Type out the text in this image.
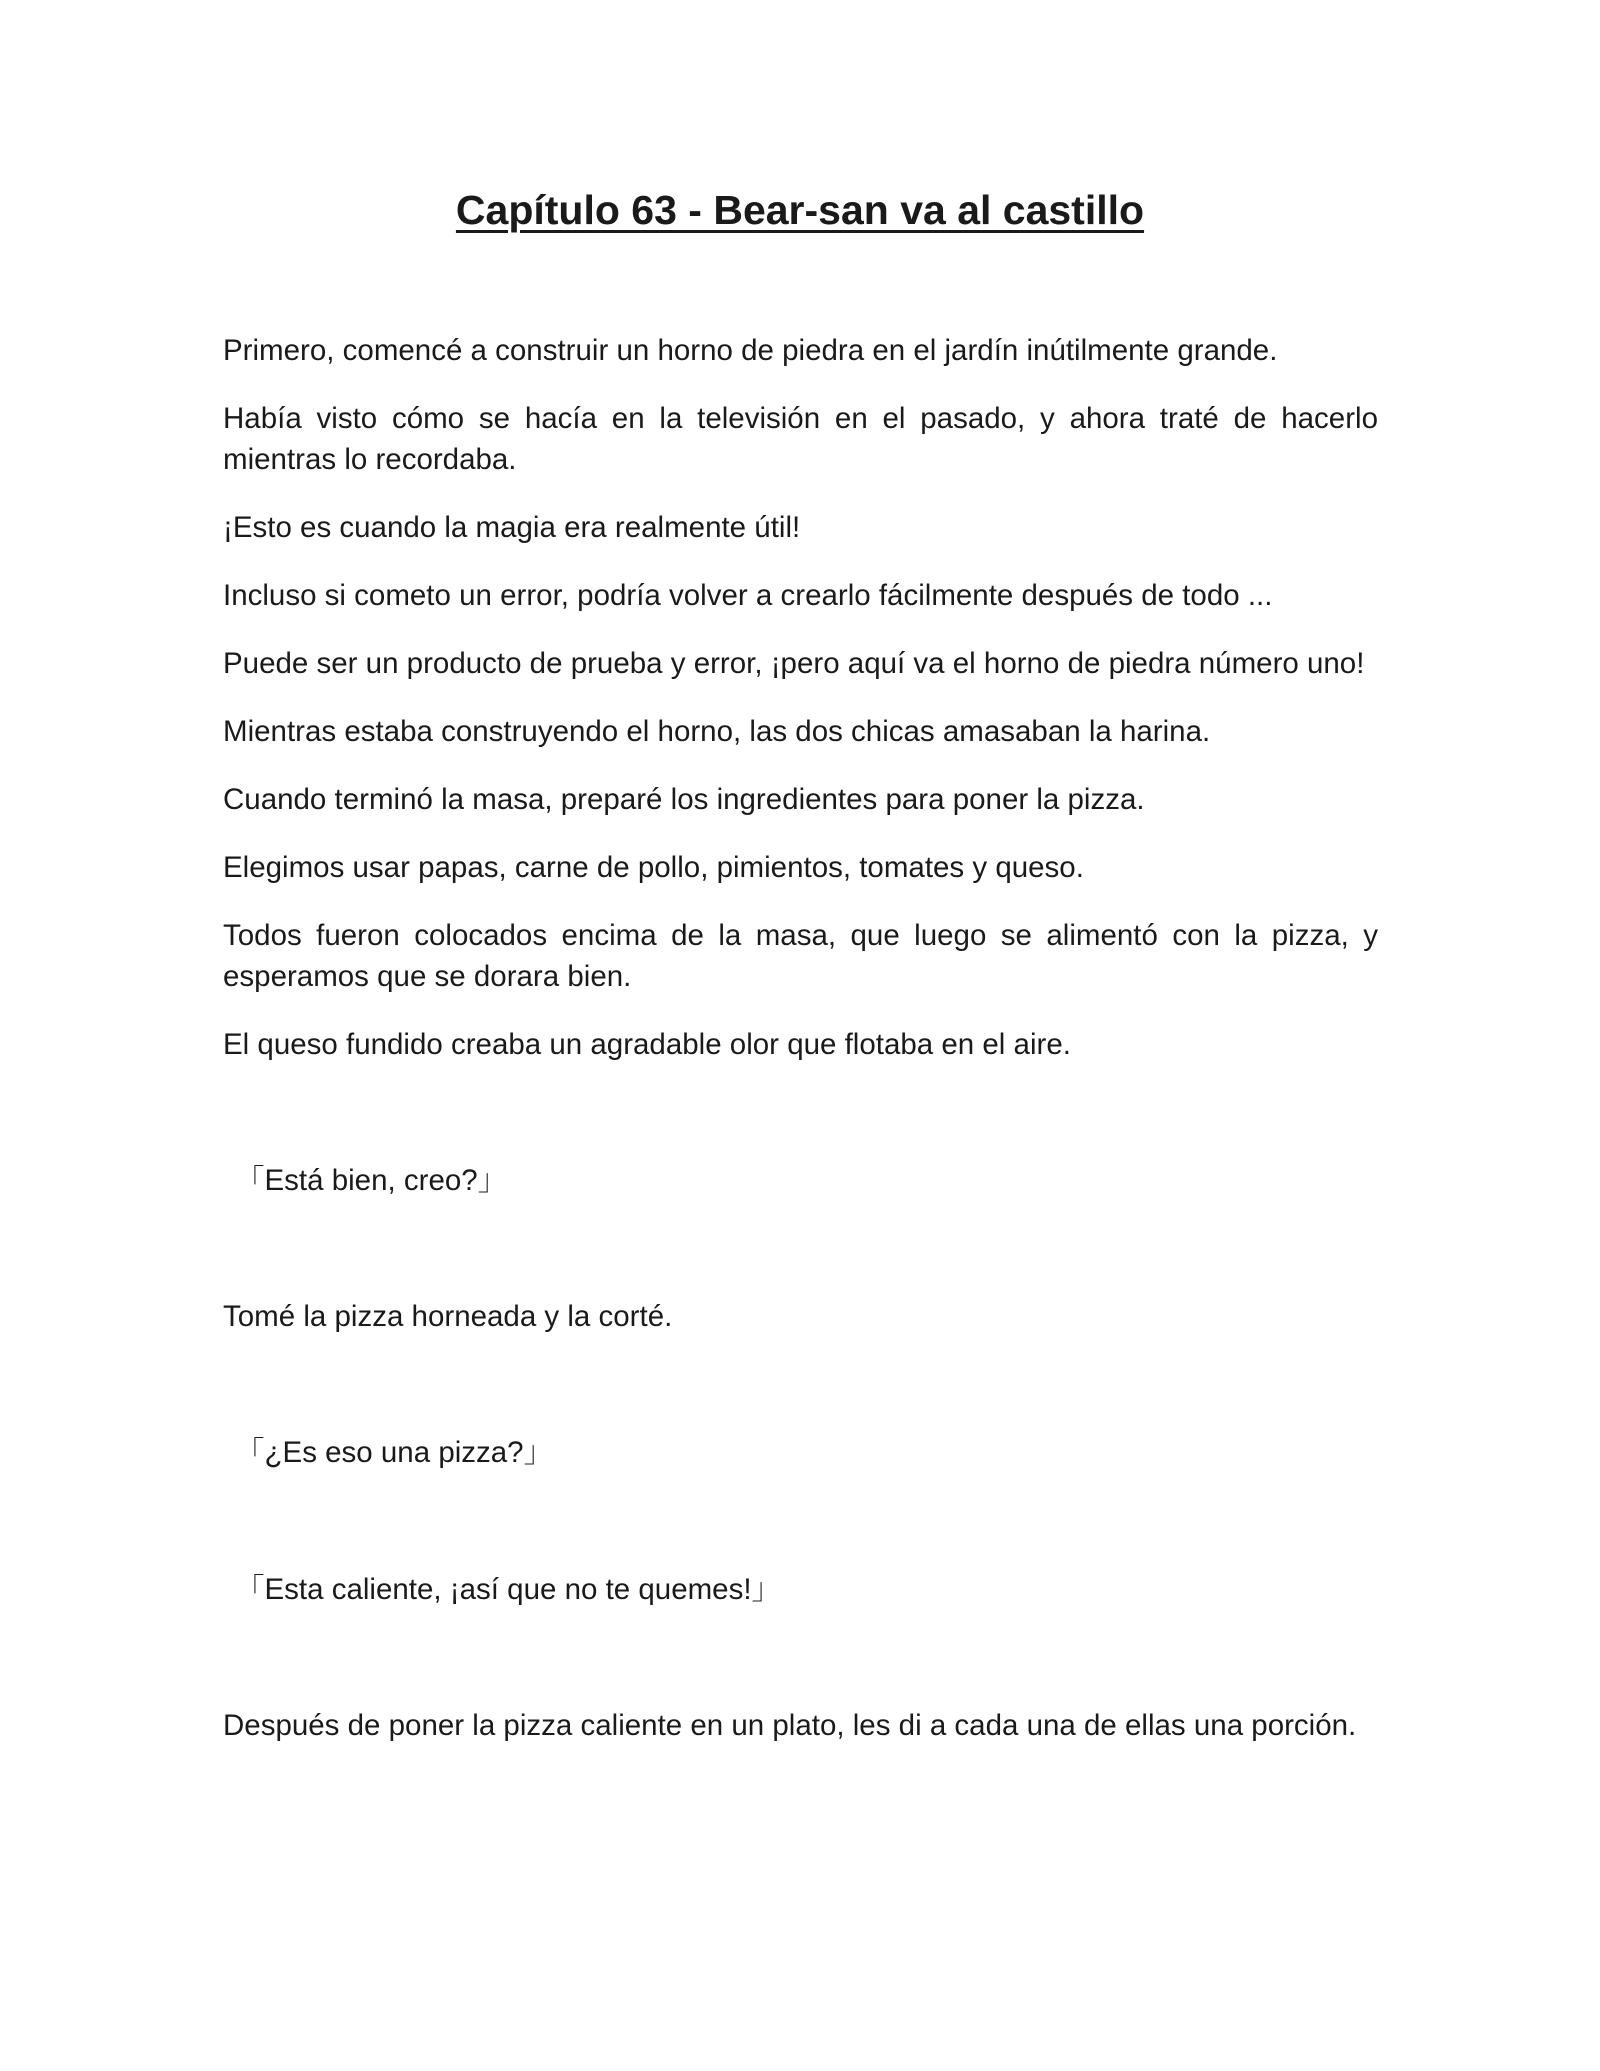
Capítulo 63 - Bear-san va al castillo

Primero, comencé a construir un horno de piedra en el jardín inútilmente grande.

Había visto cómo se hacía en la televisión en el pasado, y ahora traté de hacerlo mientras lo recordaba.

¡Esto es cuando la magia era realmente útil!

Incluso si cometo un error, podría volver a crearlo fácilmente después de todo ...

Puede ser un producto de prueba y error, ¡pero aquí va el horno de piedra número uno!

Mientras estaba construyendo el horno, las dos chicas amasaban la harina.

Cuando terminó la masa, preparé los ingredientes para poner la pizza.

Elegimos usar papas, carne de pollo, pimientos, tomates y queso.

Todos fueron colocados encima de la masa, que luego se alimentó con la pizza, y esperamos que se dorara bien.

El queso fundido creaba un agradable olor que flotaba en el aire.

「Está bien, creo?」

Tomé la pizza horneada y la corté.

「¿Es eso una pizza?」

「Esta caliente, ¡así que no te quemes!」

Después de poner la pizza caliente en un plato, les di a cada una de ellas una porción.
